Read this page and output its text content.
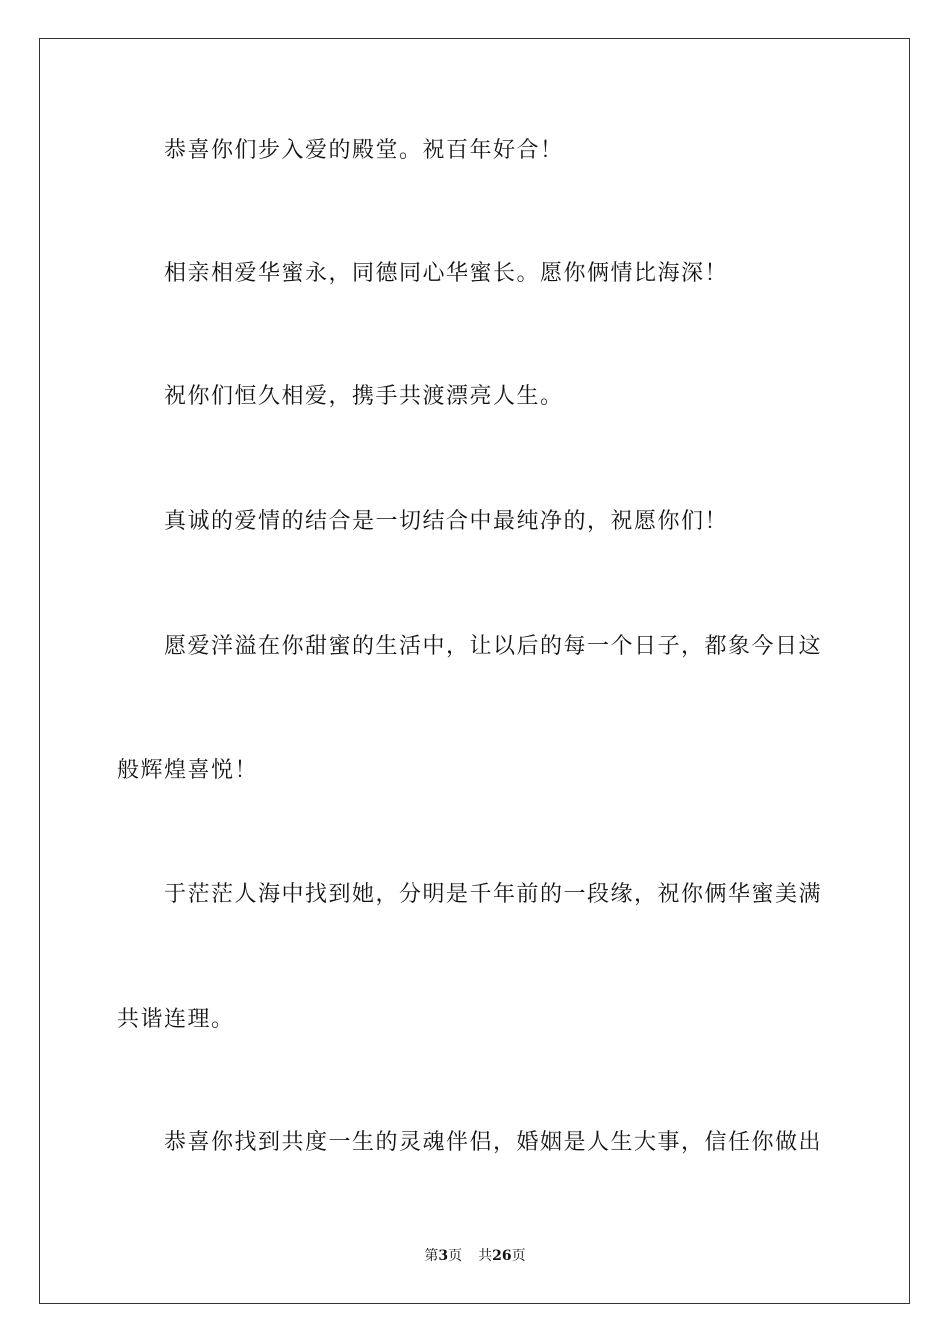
恭喜你们步入爱的殿堂。祝百年好合！
相亲相爱华蜜永，同德同心华蜜长。愿你俩情比海深！
祝你们恒久相爱，携手共渡漂亮人生。
真诚的爱情的结合是一切结合中最纯净的，祝愿你们！
愿爱洋溢在你甜蜜的生活中，让以后的每一个日子，都象今日这
般辉煌喜悦！
于茫茫人海中找到她，分明是千年前的一段缘，祝你俩华蜜美满
共谐连理。
恭喜你找到共度一生的灵魂伴侣，婚姻是人生大事，信任你做出
第3页 共26页
